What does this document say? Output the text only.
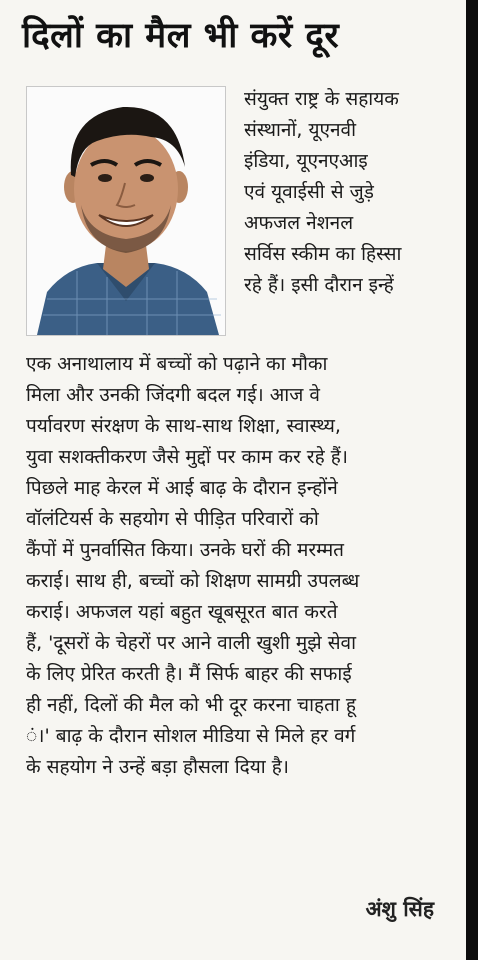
दिलों का मैल भी करें दूर
संयुक्त राष्ट्र के सहायक
संस्थानों, यूएनवी
इंडिया, यूएनएआइ
एवं यूवाईसी से जुड़े
अफजल नेशनल
सर्विस स्कीम का हिस्सा
रहे हैं। इसी दौरान इन्हें
एक अनाथालाय में बच्चों को पढ़ाने का मौका
मिला और उनकी जिंदगी बदल गई। आज वे
पर्यावरण संरक्षण के साथ-साथ शिक्षा, स्वास्थ्य,
युवा सशक्तीकरण जैसे मुद्दों पर काम कर रहे हैं।
पिछले माह केरल में आई बाढ़ के दौरान इन्होंने
वॉलंटियर्स के सहयोग से पीड़ित परिवारों को
कैंपों में पुनर्वासित किया। उनके घरों की मरम्मत
कराई। साथ ही, बच्चों को शिक्षण सामग्री उपलब्ध
कराई। अफजल यहां बहुत खूबसूरत बात करते
हैं, 'दूसरों के चेहरों पर आने वाली खुशी मुझे सेवा
के लिए प्रेरित करती है। मैं सिर्फ बाहर की सफाई
ही नहीं, दिलों की मैल को भी दूर करना चाहता हू
ं।' बाढ़ के दौरान सोशल मीडिया से मिले हर वर्ग
के सहयोग ने उन्हें बड़ा हौसला दिया है।
अंशु सिंह
